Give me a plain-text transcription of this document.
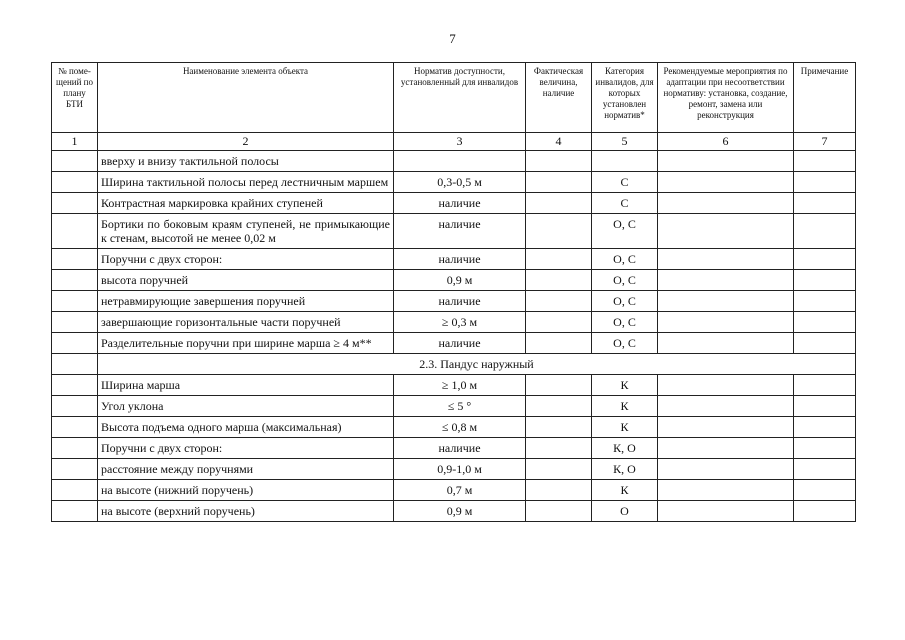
7
№ поме-щений по плану БТИ	Наименование элемента объекта	Норматив доступности, установленный для инвалидов	Фактическая величина, наличие	Категория инвалидов, для которых установлен норматив*	Рекомендуемые мероприятия по адаптации при несоответствии нормативу: установка, создание, ремонт, замена или реконструкция	Примечание
1	2	3	4	5	6	7
	вверху и внизу тактильной полосы					
	Ширина тактильной полосы перед лестничным маршем	0,3-0,5 м		С		
	Контрастная маркировка крайних ступеней	наличие		С		
	Бортики по боковым краям ступеней, не примыкающие к стенам, высотой не менее 0,02 м	наличие		О, С		
	Поручни с двух сторон:	наличие		О, С		
	высота поручней	0,9 м		О, С		
	нетравмирующие завершения поручней	наличие		О, С		
	завершающие горизонтальные части поручней	≥ 0,3 м		О, С		
	Разделительные поручни при ширине марша ≥ 4 м**	наличие		О, С		
	2.3. Пандус наружный					
	Ширина марша	≥ 1,0 м		К		
	Угол уклона	≤ 5 °		К		
	Высота подъема одного марша (максимальная)	≤ 0,8 м		К		
	Поручни с двух сторон:	наличие		К, О		
	расстояние между поручнями	0,9-1,0 м		К, О		
	на высоте (нижний поручень)	0,7 м		К		
	на высоте (верхний поручень)	0,9 м		О		
